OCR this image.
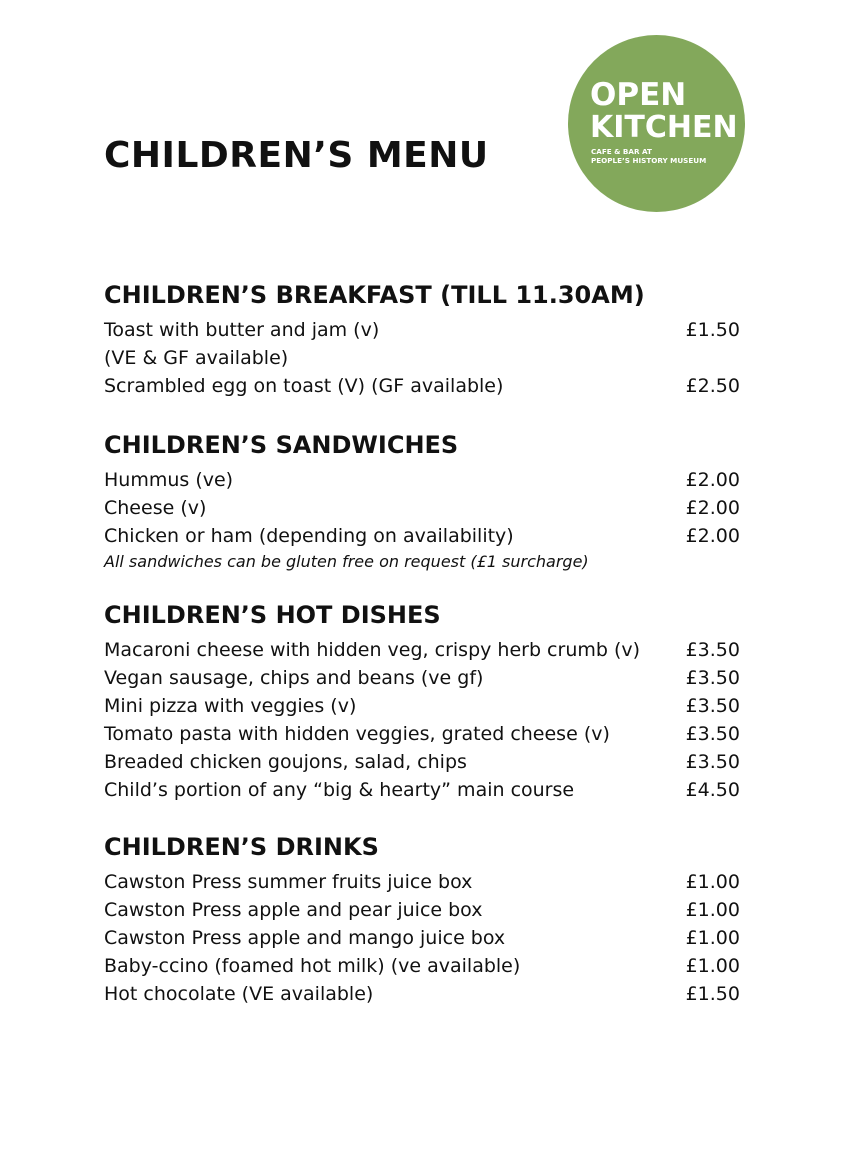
CHILDREN’S MENU
OPEN
KITCHEN
CAFE & BAR AT
PEOPLE’S HISTORY MUSEUM
CHILDREN’S BREAKFAST (TILL 11.30AM)
Toast with butter and jam (v)	£1.50
(VE & GF available)
Scrambled egg on toast (V) (GF available)	£2.50
CHILDREN’S SANDWICHES
Hummus (ve)	£2.00
Cheese (v)	£2.00
Chicken or ham (depending on availability)	£2.00
All sandwiches can be gluten free on request (£1 surcharge)
CHILDREN’S HOT DISHES
Macaroni cheese with hidden veg, crispy herb crumb (v) £3.50
Vegan sausage, chips and beans (ve gf)	£3.50
Mini pizza with veggies (v)	£3.50
Tomato pasta with hidden veggies, grated cheese (v)	£3.50
Breaded chicken goujons, salad, chips	£3.50
Child’s portion of any “big & hearty” main course	£4.50
CHILDREN’S DRINKS
Cawston Press summer fruits juice box	£1.00
Cawston Press apple and pear juice box	£1.00
Cawston Press apple and mango juice box	£1.00
Baby-ccino (foamed hot milk) (ve available)	£1.00
Hot chocolate (VE available)	£1.50
